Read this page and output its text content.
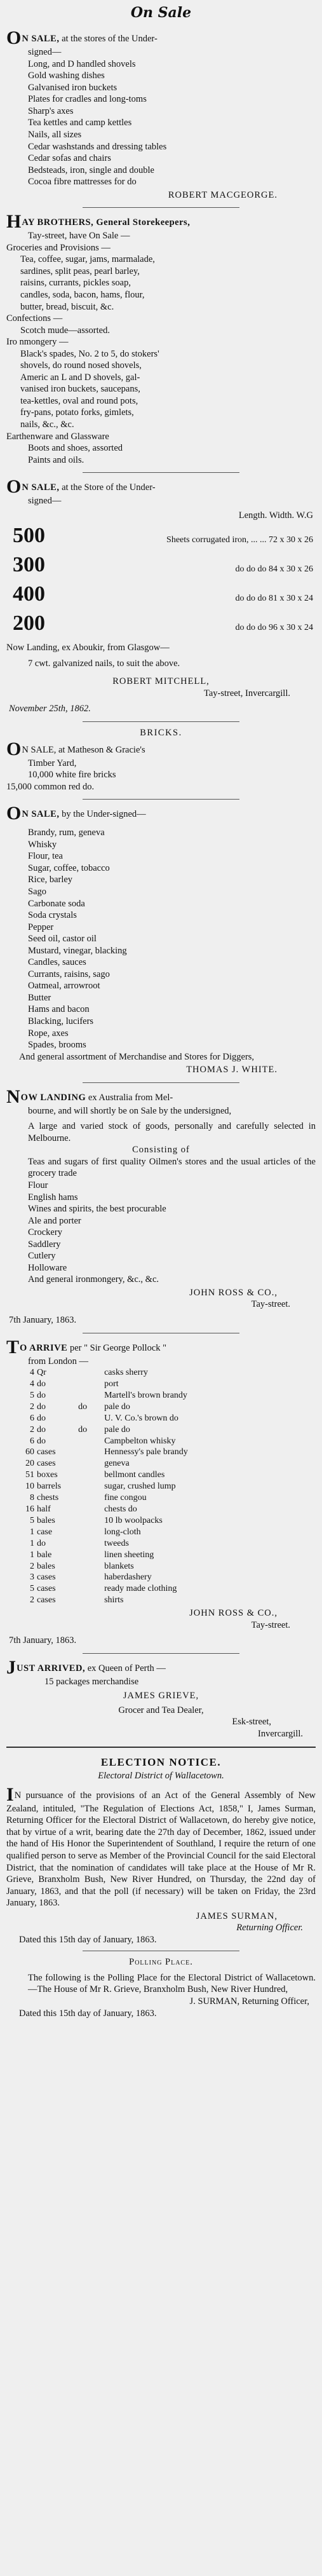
On Sale

ON SALE, at the stores of the Under-

signed—

Long, and D handled shovels
Gold washing dishes
Galvanised iron buckets
Plates for cradles and long-toms
Sharp's axes
Tea kettles and camp kettles
Nails, all sizes
Cedar washstands and dressing tables
Cedar sofas and chairs
Bedsteads, iron, single and double
Cocoa fibre mattresses for do
ROBERT MACGEORGE.

HAY BROTHERS, General Storekeepers,

Tay-street, have On Sale —

Groceries and Provisions —

Tea, coffee, sugar, jams, marmalade,
sardines, split peas, pearl barley,
raisins, currants, pickles soap,
candles, soda, bacon, hams, flour,
butter, bread, biscuit, &c.

Confections —

Scotch mude—assorted.

Iro nmongery —

Black's spades, No. 2 to 5, do stokers'
shovels, do round nosed shovels,
Americ an L and D shovels, gal-
vanised iron buckets, saucepans,
tea-kettles, oval and round pots,
fry-pans, potato forks, gimlets,
nails, &c., &c.

Earthenware and Glassware

Boots and shoes, assorted

Paints and oils.

ON SALE, at the Store of the Under-

signed—

Length. Width. W.G
500	Sheets corrugated iron, ... ... 72 x 30 x 26
300	do do do 84 x 30 x 26
400	do do do 81 x 30 x 24
200	do do do 96 x 30 x 24

Now Landing, ex Aboukir, from Glasgow—

7 cwt. galvanized nails, to suit the above.

ROBERT MITCHELL,
Tay-street, Invercargill.
November 25th, 1862.
BRICKS.

ON SALE, at Matheson & Gracie's

Timber Yard,

10,000 white fire bricks

15,000 common red do.

ON SALE, by the Under-signed—

Brandy, rum, geneva
Whisky
Flour, tea
Sugar, coffee, tobacco
Rice, barley
Sago
Carbonate soda
Soda crystals
Pepper
Seed oil, castor oil
Mustard, vinegar, blacking
Candles, sauces
Currants, raisins, sago
Oatmeal, arrowroot
Butter
Hams and bacon
Blacking, lucifers
Rope, axes
Spades, brooms

And general assortment of Merchandise and Stores for Diggers,

THOMAS J. WHITE.

NOW LANDING ex Australia from Mel-

bourne, and will shortly be on Sale by the undersigned,

A large and varied stock of goods, personally and carefully selected in Melbourne.

Consisting of

Teas and sugars of first quality Oilmen's stores and the usual articles of the grocery trade

Flour
English hams
Wines and spirits, the best procurable
Ale and porter
Crockery
Saddlery
Cutlery
Holloware

And general ironmongery, &c., &c.

JOHN ROSS & CO.,
Tay-street.
7th January, 1863.

TO ARRIVE per " Sir George Pollock "

from London —

4	Qr		casks sherry
4	do		port
5	do		Martell's brown brandy
2	do	do	pale do
6	do		U. V. Co.'s brown do
2	do	do	pale do
6	do		Campbelton whisky
60	cases		Hennessy's pale brandy
20	cases		geneva
51	boxes		bellmont candles
10	barrels		sugar, crushed lump
8	chests		fine congou
16	half		chests do
5	bales		10 lb woolpacks
1	case		long-cloth
1	do		tweeds
1	bale		linen sheeting
2	bales		blankets
3	cases		haberdashery
5	cases		ready made clothing
2	cases		shirts
JOHN ROSS & CO.,
Tay-street.
7th January, 1863.

JUST ARRIVED, ex Queen of Perth —

15 packages merchandise

JAMES GRIEVE,
Grocer and Tea Dealer,
Esk-street,
Invercargill.
ELECTION NOTICE.
Electoral District of Wallacetown.

IN pursuance of the provisions of an Act of the General Assembly of New Zealand, intituled, "The Regulation of Elections Act, 1858," I, James Surman, Returning Officer for the Electoral District of Wallacetown, do hereby give notice, that by virtue of a writ, bearing date the 27th day of December, 1862, issued under the hand of His Honor the Superintendent of Southland, I require the return of one qualified person to serve as Member of the Provincial Council for the said Electoral District, that the nomination of candidates will take place at the House of Mr R. Grieve, Branxholm Bush, New River Hundred, on Thursday, the 22nd day of January, 1863, and that the poll (if necessary) will be taken on Friday, the 23rd January, 1863.

JAMES SURMAN,
Returning Officer.
Dated this 15th day of January, 1863.
Polling Place.

The following is the Polling Place for the Electoral District of Wallacetown.—The House of Mr R. Grieve, Branxholm Bush, New River Hundred,

J. SURMAN, Returning Officer,
Dated this 15th day of January, 1863.
